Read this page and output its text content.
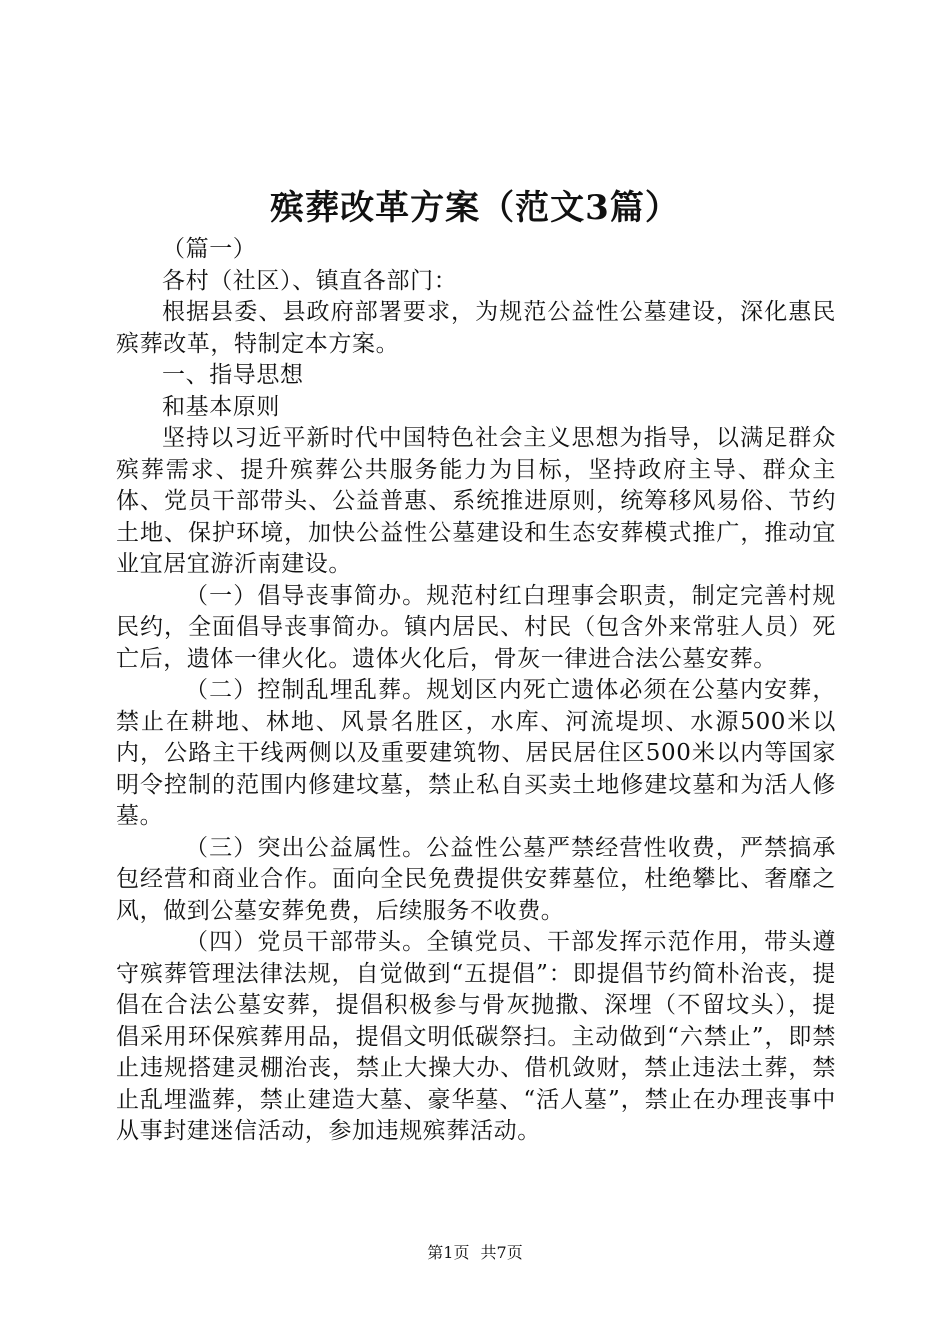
殡葬改革方案（范文3篇）

（篇一）

各村（社区）、镇直各部门：

根据县委、县政府部署要求，为规范公益性公墓建设，深化惠民殡葬改革，特制定本方案。

一、指导思想

和基本原则

坚持以习近平新时代中国特色社会主义思想为指导，以满足群众殡葬需求、提升殡葬公共服务能力为目标，坚持政府主导、群众主体、党员干部带头、公益普惠、系统推进原则，统筹移风易俗、节约土地、保护环境，加快公益性公墓建设和生态安葬模式推广，推动宜业宜居宜游沂南建设。

（一）倡导丧事简办。规范村红白理事会职责，制定完善村规民约，全面倡导丧事简办。镇内居民、村民（包含外来常驻人员）死亡后，遗体一律火化。遗体火化后，骨灰一律进合法公墓安葬。

（二）控制乱埋乱葬。规划区内死亡遗体必须在公墓内安葬，禁止在耕地、林地、风景名胜区，水库、河流堤坝、水源500米以内，公路主干线两侧以及重要建筑物、居民居住区500米以内等国家明令控制的范围内修建坟墓，禁止私自买卖土地修建坟墓和为活人修墓。

（三）突出公益属性。公益性公墓严禁经营性收费，严禁搞承包经营和商业合作。面向全民免费提供安葬墓位，杜绝攀比、奢靡之风，做到公墓安葬免费，后续服务不收费。

（四）党员干部带头。全镇党员、干部发挥示范作用，带头遵守殡葬管理法律法规，自觉做到“五提倡”：即提倡节约简朴治丧，提倡在合法公墓安葬，提倡积极参与骨灰抛撒、深埋（不留坟头），提倡采用环保殡葬用品，提倡文明低碳祭扫。主动做到“六禁止”，即禁止违规搭建灵棚治丧，禁止大操大办、借机敛财，禁止违法土葬，禁止乱埋滥葬，禁止建造大墓、豪华墓、“活人墓”，禁止在办理丧事中从事封建迷信活动，参加违规殡葬活动。

第1页 共7页
